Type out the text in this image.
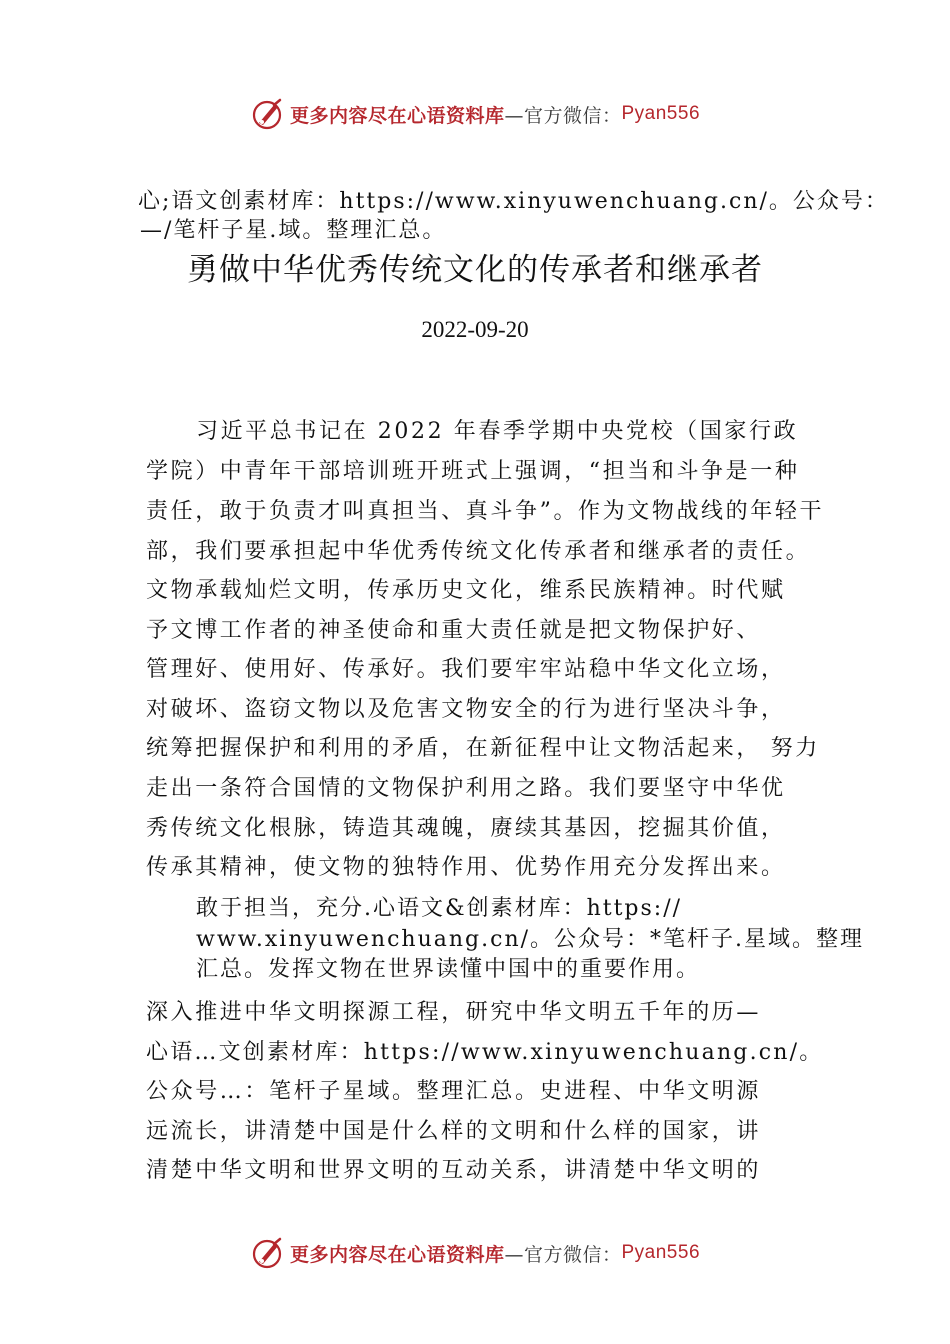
更多内容尽在心语资料库 —官方微信： Pyan556
心;语文创素材库：https://www.xinyuwenchuang.cn/。公众号：
—/笔杆子星.域。整理汇总。
勇做中华优秀传统文化的传承者和继承者
2022-09-20
习近平总书记在 2022 年春季学期中央党校（国家行政
学院）中青年干部培训班开班式上强调，“担当和斗争是一种
责任，敢于负责才叫真担当、真斗争”。作为文物战线的年轻干
部，我们要承担起中华优秀传统文化传承者和继承者的责任。
文物承载灿烂文明，传承历史文化，维系民族精神。时代赋
予文博工作者的神圣使命和重大责任就是把文物保护好、
管理好、使用好、传承好。我们要牢牢站稳中华文化立场，
对破坏、盗窃文物以及危害文物安全的行为进行坚决斗争，
统筹把握保护和利用的矛盾，在新征程中让文物活起来， 努力
走出一条符合国情的文物保护利用之路。我们要坚守中华优
秀传统文化根脉，铸造其魂魄，赓续其基因，挖掘其价值，
传承其精神，使文物的独特作用、优势作用充分发挥出来。
敢于担当，充分.心语文&创素材库：https://
www.xinyuwenchuang.cn/。公众号：*笔杆子.星域。整理
汇总。发挥文物在世界读懂中国中的重要作用。
深入推进中华文明探源工程，研究中华文明五千年的历—
心语…文创素材库：https://www.xinyuwenchuang.cn/。
公众号…：笔杆子星域。整理汇总。史进程、中华文明源
远流长，讲清楚中国是什么样的文明和什么样的国家，讲
清楚中华文明和世界文明的互动关系，讲清楚中华文明的
更多内容尽在心语资料库 —官方微信： Pyan556
